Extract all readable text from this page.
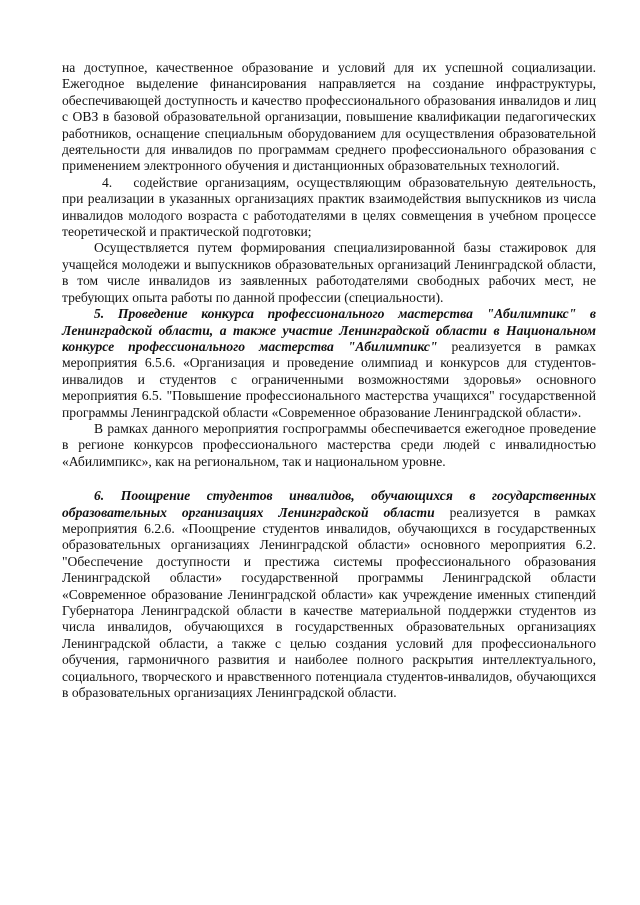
на доступное, качественное образование и условий для их успешной социализации. Ежегодное выделение финансирования направляется на создание инфраструктуры, обеспечивающей доступность и качество профессионального образования инвалидов и лиц с ОВЗ в базовой образовательной организации, повышение квалификации педагогических работников, оснащение специальным оборудованием для осуществления образовательной деятельности для инвалидов по программам среднего профессионального образования с применением электронного обучения и дистанционных образовательных технологий.

4.  содействие организациям, осуществляющим образовательную деятельность, при реализации в указанных организациях практик взаимодействия выпускников из числа инвалидов молодого возраста с работодателями в целях совмещения в учебном процессе теоретической и практической подготовки;

Осуществляется путем формирования специализированной базы стажировок для учащейся молодежи и выпускников образовательных организаций Ленинградской области, в том числе инвалидов из заявленных работодателями свободных рабочих мест, не требующих опыта работы по данной профессии (специальности).

5. Проведение конкурса профессионального мастерства "Абилимпикс" в Ленинградской области, а также участие Ленинградской области в Национальном конкурсе профессионального мастерства "Абилимпикс" реализуется в рамках мероприятия 6.5.6. «Организация и проведение олимпиад и конкурсов для студентов-инвалидов и студентов с ограниченными возможностями здоровья» основного мероприятия 6.5. "Повышение профессионального мастерства учащихся" государственной программы Ленинградской области «Современное образование Ленинградской области».

В рамках данного мероприятия госпрограммы обеспечивается ежегодное проведение в регионе конкурсов профессионального мастерства среди людей с инвалидностью «Абилимпикс», как на региональном, так и национальном уровне.

6. Поощрение студентов инвалидов, обучающихся в государственных образовательных организациях Ленинградской области реализуется в рамках мероприятия 6.2.6. «Поощрение студентов инвалидов, обучающихся в государственных образовательных организациях Ленинградской области» основного мероприятия 6.2. "Обеспечение доступности и престижа системы профессионального образования Ленинградской области» государственной программы Ленинградской области «Современное образование Ленинградской области» как учреждение именных стипендий Губернатора Ленинградской области в качестве материальной поддержки студентов из числа инвалидов, обучающихся в государственных образовательных организациях Ленинградской области, а также с целью создания условий для профессионального обучения, гармоничного развития и наиболее полного раскрытия интеллектуального, социального, творческого и нравственного потенциала студентов-инвалидов, обучающихся в образовательных организациях Ленинградской области.
